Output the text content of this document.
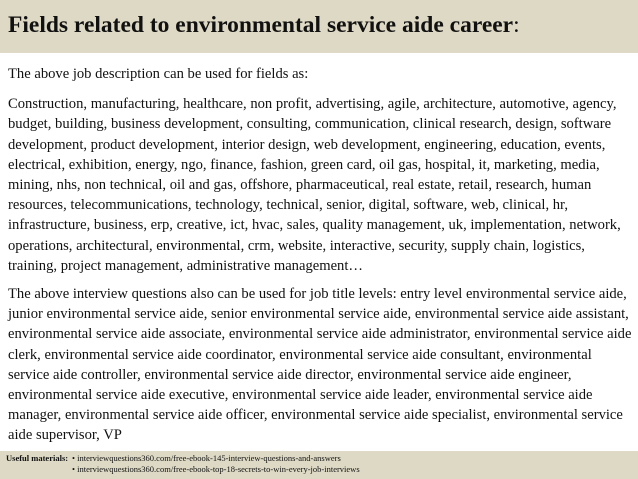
Fields related to environmental service aide career:

The above job description can be used for fields as:

Construction, manufacturing, healthcare, non profit, advertising, agile, architecture, automotive, agency, budget, building, business development, consulting, communication, clinical research, design, software development, product development, interior design, web development, engineering, education, events, electrical, exhibition, energy, ngo, finance, fashion, green card, oil gas, hospital, it, marketing, media, mining, nhs, non technical, oil and gas, offshore, pharmaceutical, real estate, retail, research, human resources, telecommunications, technology, technical, senior, digital, software, web, clinical, hr, infrastructure, business, erp, creative, ict, hvac, sales, quality management, uk, implementation, network, operations, architectural, environmental, crm, website, interactive, security, supply chain, logistics, training, project management, administrative management…

The above interview questions also can be used for job title levels: entry level environmental service aide, junior environmental service aide, senior environmental service aide, environmental service aide assistant, environmental service aide associate, environmental service aide administrator, environmental service aide clerk, environmental service aide coordinator, environmental service aide consultant, environmental service aide controller, environmental service aide director, environmental service aide engineer, environmental service aide executive, environmental service aide leader, environmental service aide manager, environmental service aide officer, environmental service aide specialist, environmental service aide supervisor, VP

Useful materials: • interviewquestions360.com/free-ebook-145-interview-questions-and-answers
• interviewquestions360.com/free-ebook-top-18-secrets-to-win-every-job-interviews
